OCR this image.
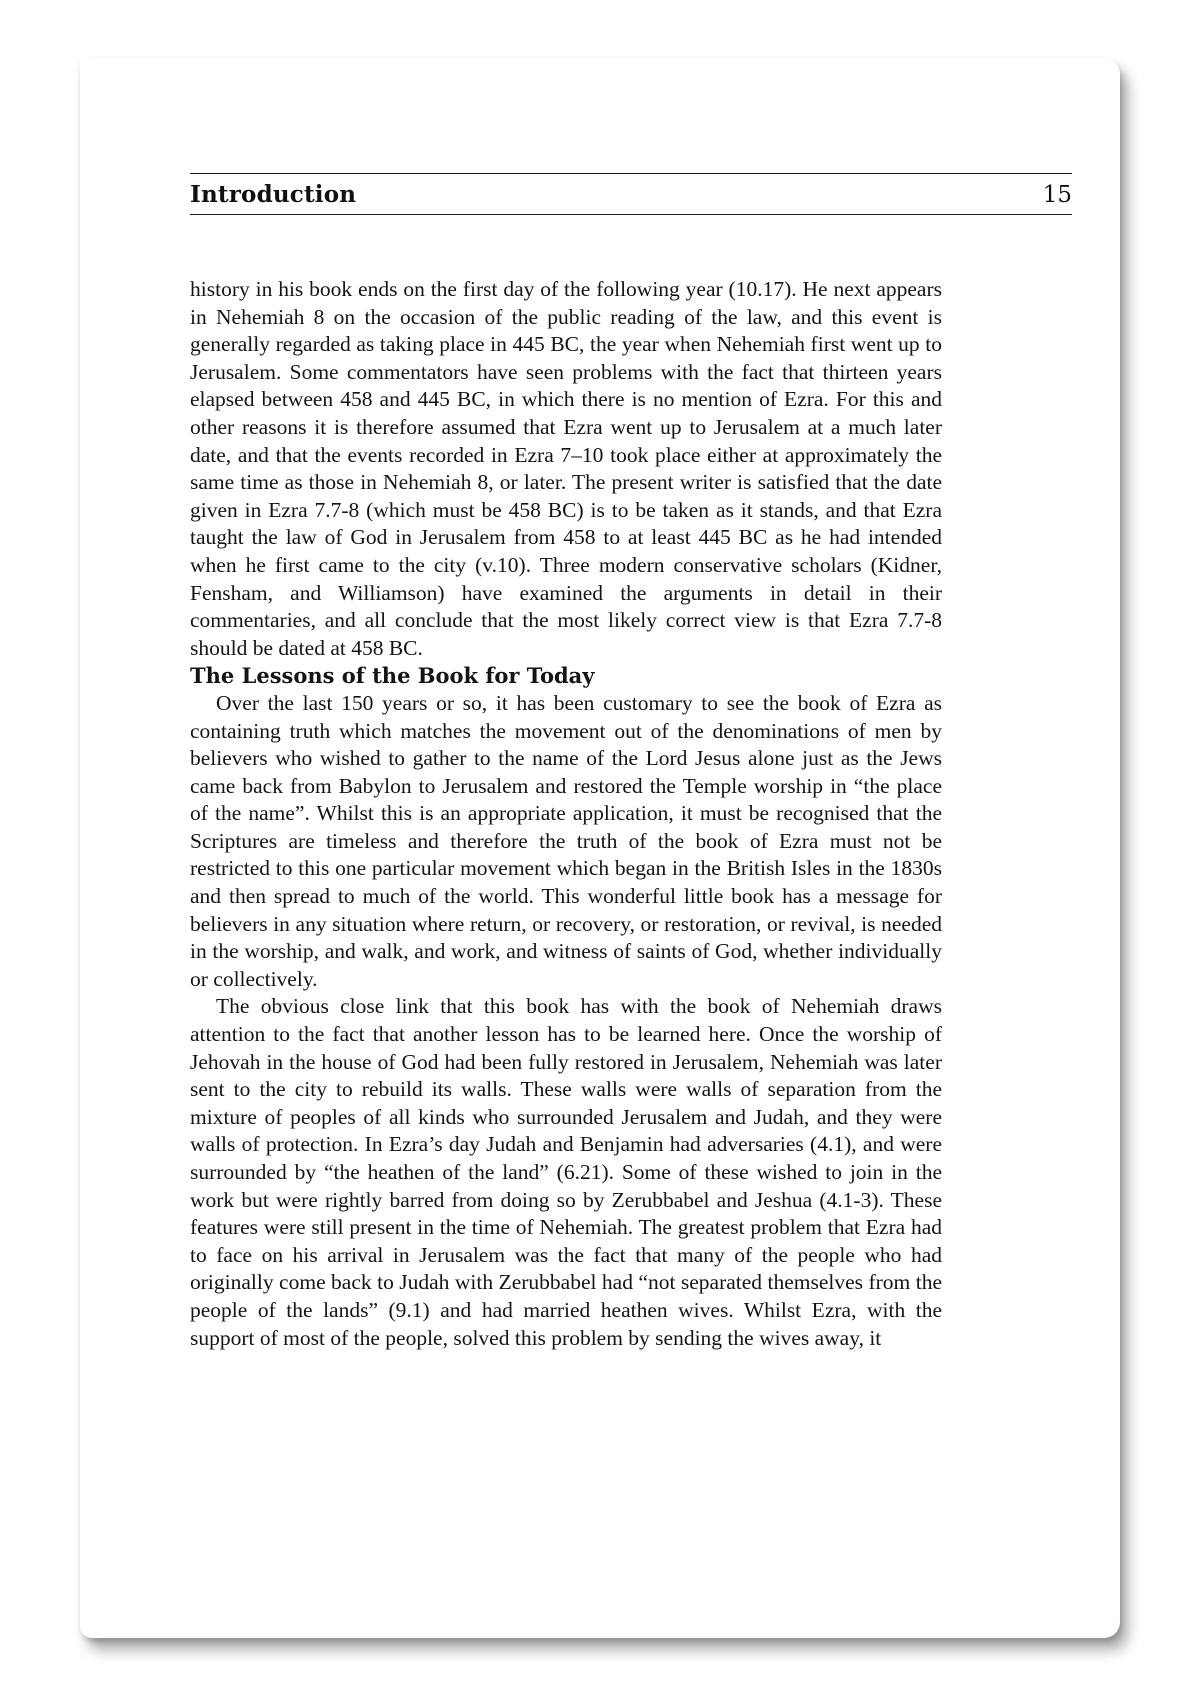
Introduction	15

history in his book ends on the first day of the following year (10.17). He next appears in Nehemiah 8 on the occasion of the public reading of the law, and this event is generally regarded as taking place in 445 BC, the year when Nehemiah first went up to Jerusalem. Some commentators have seen problems with the fact that thirteen years elapsed between 458 and 445 BC, in which there is no mention of Ezra. For this and other reasons it is therefore assumed that Ezra went up to Jerusalem at a much later date, and that the events recorded in Ezra 7–10 took place either at approximately the same time as those in Nehemiah 8, or later. The present writer is satisfied that the date given in Ezra 7.7-8 (which must be 458 BC) is to be taken as it stands, and that Ezra taught the law of God in Jerusalem from 458 to at least 445 BC as he had intended when he first came to the city (v.10). Three modern conservative scholars (Kidner, Fensham, and Williamson) have examined the arguments in detail in their commentaries, and all conclude that the most likely correct view is that Ezra 7.7-8 should be dated at 458 BC.

The Lessons of the Book for Today

Over the last 150 years or so, it has been customary to see the book of Ezra as containing truth which matches the movement out of the denominations of men by believers who wished to gather to the name of the Lord Jesus alone just as the Jews came back from Babylon to Jerusalem and restored the Temple worship in “the place of the name”. Whilst this is an appropriate application, it must be recognised that the Scriptures are timeless and therefore the truth of the book of Ezra must not be restricted to this one particular movement which began in the British Isles in the 1830s and then spread to much of the world. This wonderful little book has a message for believers in any situation where return, or recovery, or restoration, or revival, is needed in the worship, and walk, and work, and witness of saints of God, whether individually or collectively.

The obvious close link that this book has with the book of Nehemiah draws attention to the fact that another lesson has to be learned here. Once the worship of Jehovah in the house of God had been fully restored in Jerusalem, Nehemiah was later sent to the city to rebuild its walls. These walls were walls of separation from the mixture of peoples of all kinds who surrounded Jerusalem and Judah, and they were walls of protection. In Ezra’s day Judah and Benjamin had adversaries (4.1), and were surrounded by “the heathen of the land” (6.21). Some of these wished to join in the work but were rightly barred from doing so by Zerubbabel and Jeshua (4.1-3). These features were still present in the time of Nehemiah. The greatest problem that Ezra had to face on his arrival in Jerusalem was the fact that many of the people who had originally come back to Judah with Zerubbabel had “not separated themselves from the people of the lands” (9.1) and had married heathen wives. Whilst Ezra, with the support of most of the people, solved this problem by sending the wives away, it
